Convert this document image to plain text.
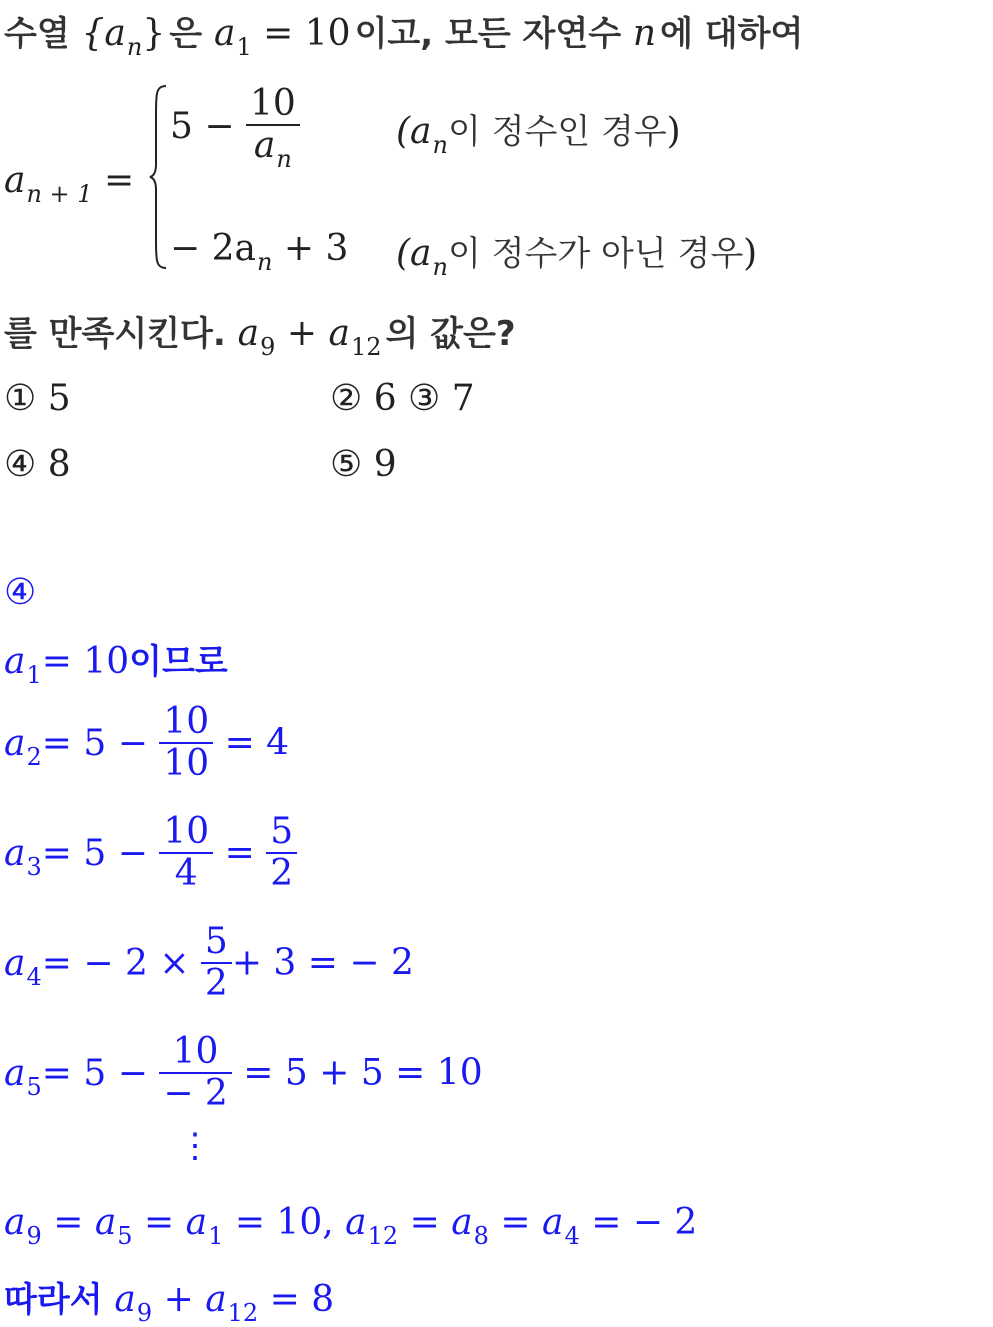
수열 $\{a_n\}$ 은 $a_1 = 10$ 이고, 모든 자연수 n 에 대하여
$a_{n + 1}$ =
$5 - \frac{10}{a_n}$	(an이 정수인 경우)
− $2a_n + 3$ (an이 정수가 아닌 경우)
를 만족시킨다. $a_9 + a_{12}$ 의 값은?
① 5	② 6 ③ 7
④ 8	⑤ 9
④
$a_1= 10$이므로
$a_2= 5 - \frac{10}{10} = 4$
$a_3= 5 - \frac{10}{4} = \frac{5}{2}$
$a_4= - 2 \times \frac{5}{2} + 3$ = − 2
$a_5= 5 - \frac{10}{- 2} = 5 + 5 = 10$
⋮
$a_9 = a_5 = a_1 = 10$, $a_{12} = a_8 = a_4$ = − 2
따라서 $a_9 + a_{12} = 8$
